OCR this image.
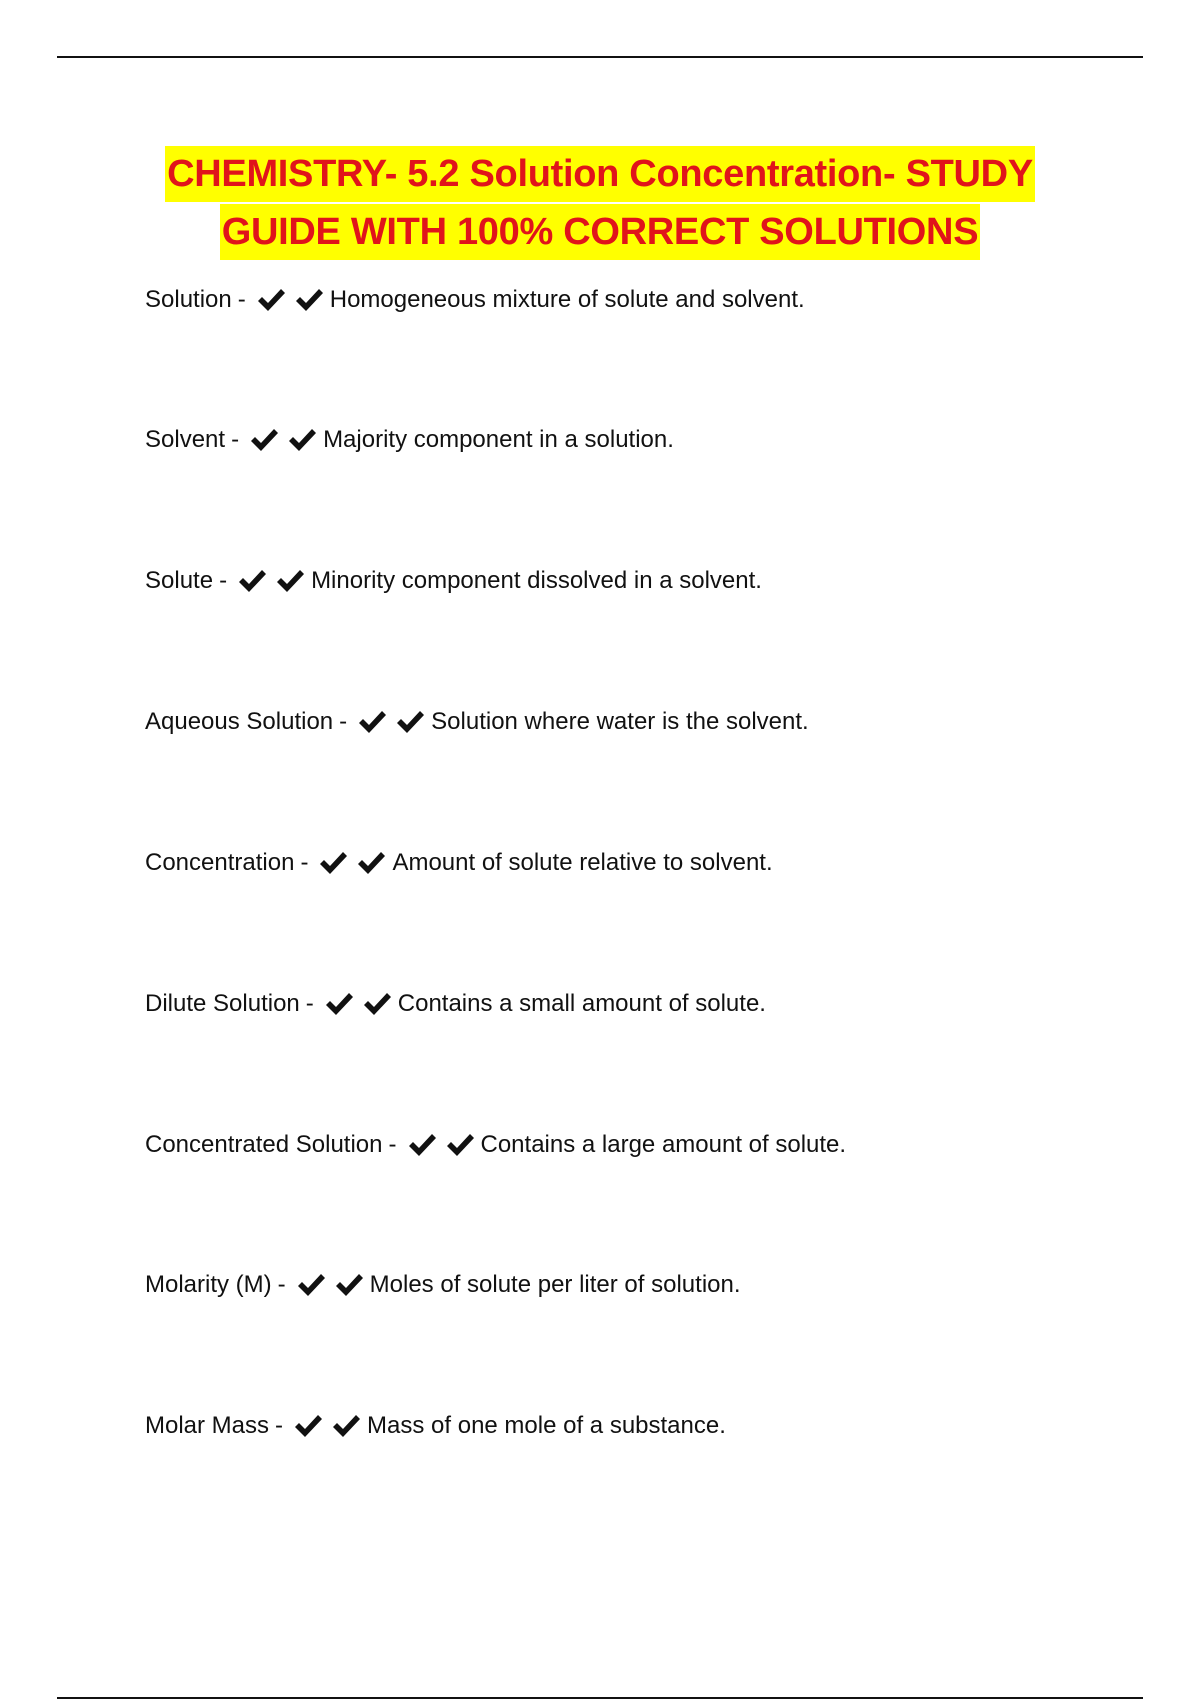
CHEMISTRY- 5.2 Solution Concentration- STUDY
GUIDE WITH 100% CORRECT SOLUTIONS
Solution -	Homogeneous mixture of solute and solvent.
Solvent -	Majority component in a solution.
Solute -	Minority component dissolved in a solvent.
Aqueous Solution -	Solution where water is the solvent.
Concentration -	Amount of solute relative to solvent.
Dilute Solution -	Contains a small amount of solute.
Concentrated Solution -	Contains a large amount of solute.
Molarity (M) -	Moles of solute per liter of solution.
Molar Mass -	Mass of one mole of a substance.
